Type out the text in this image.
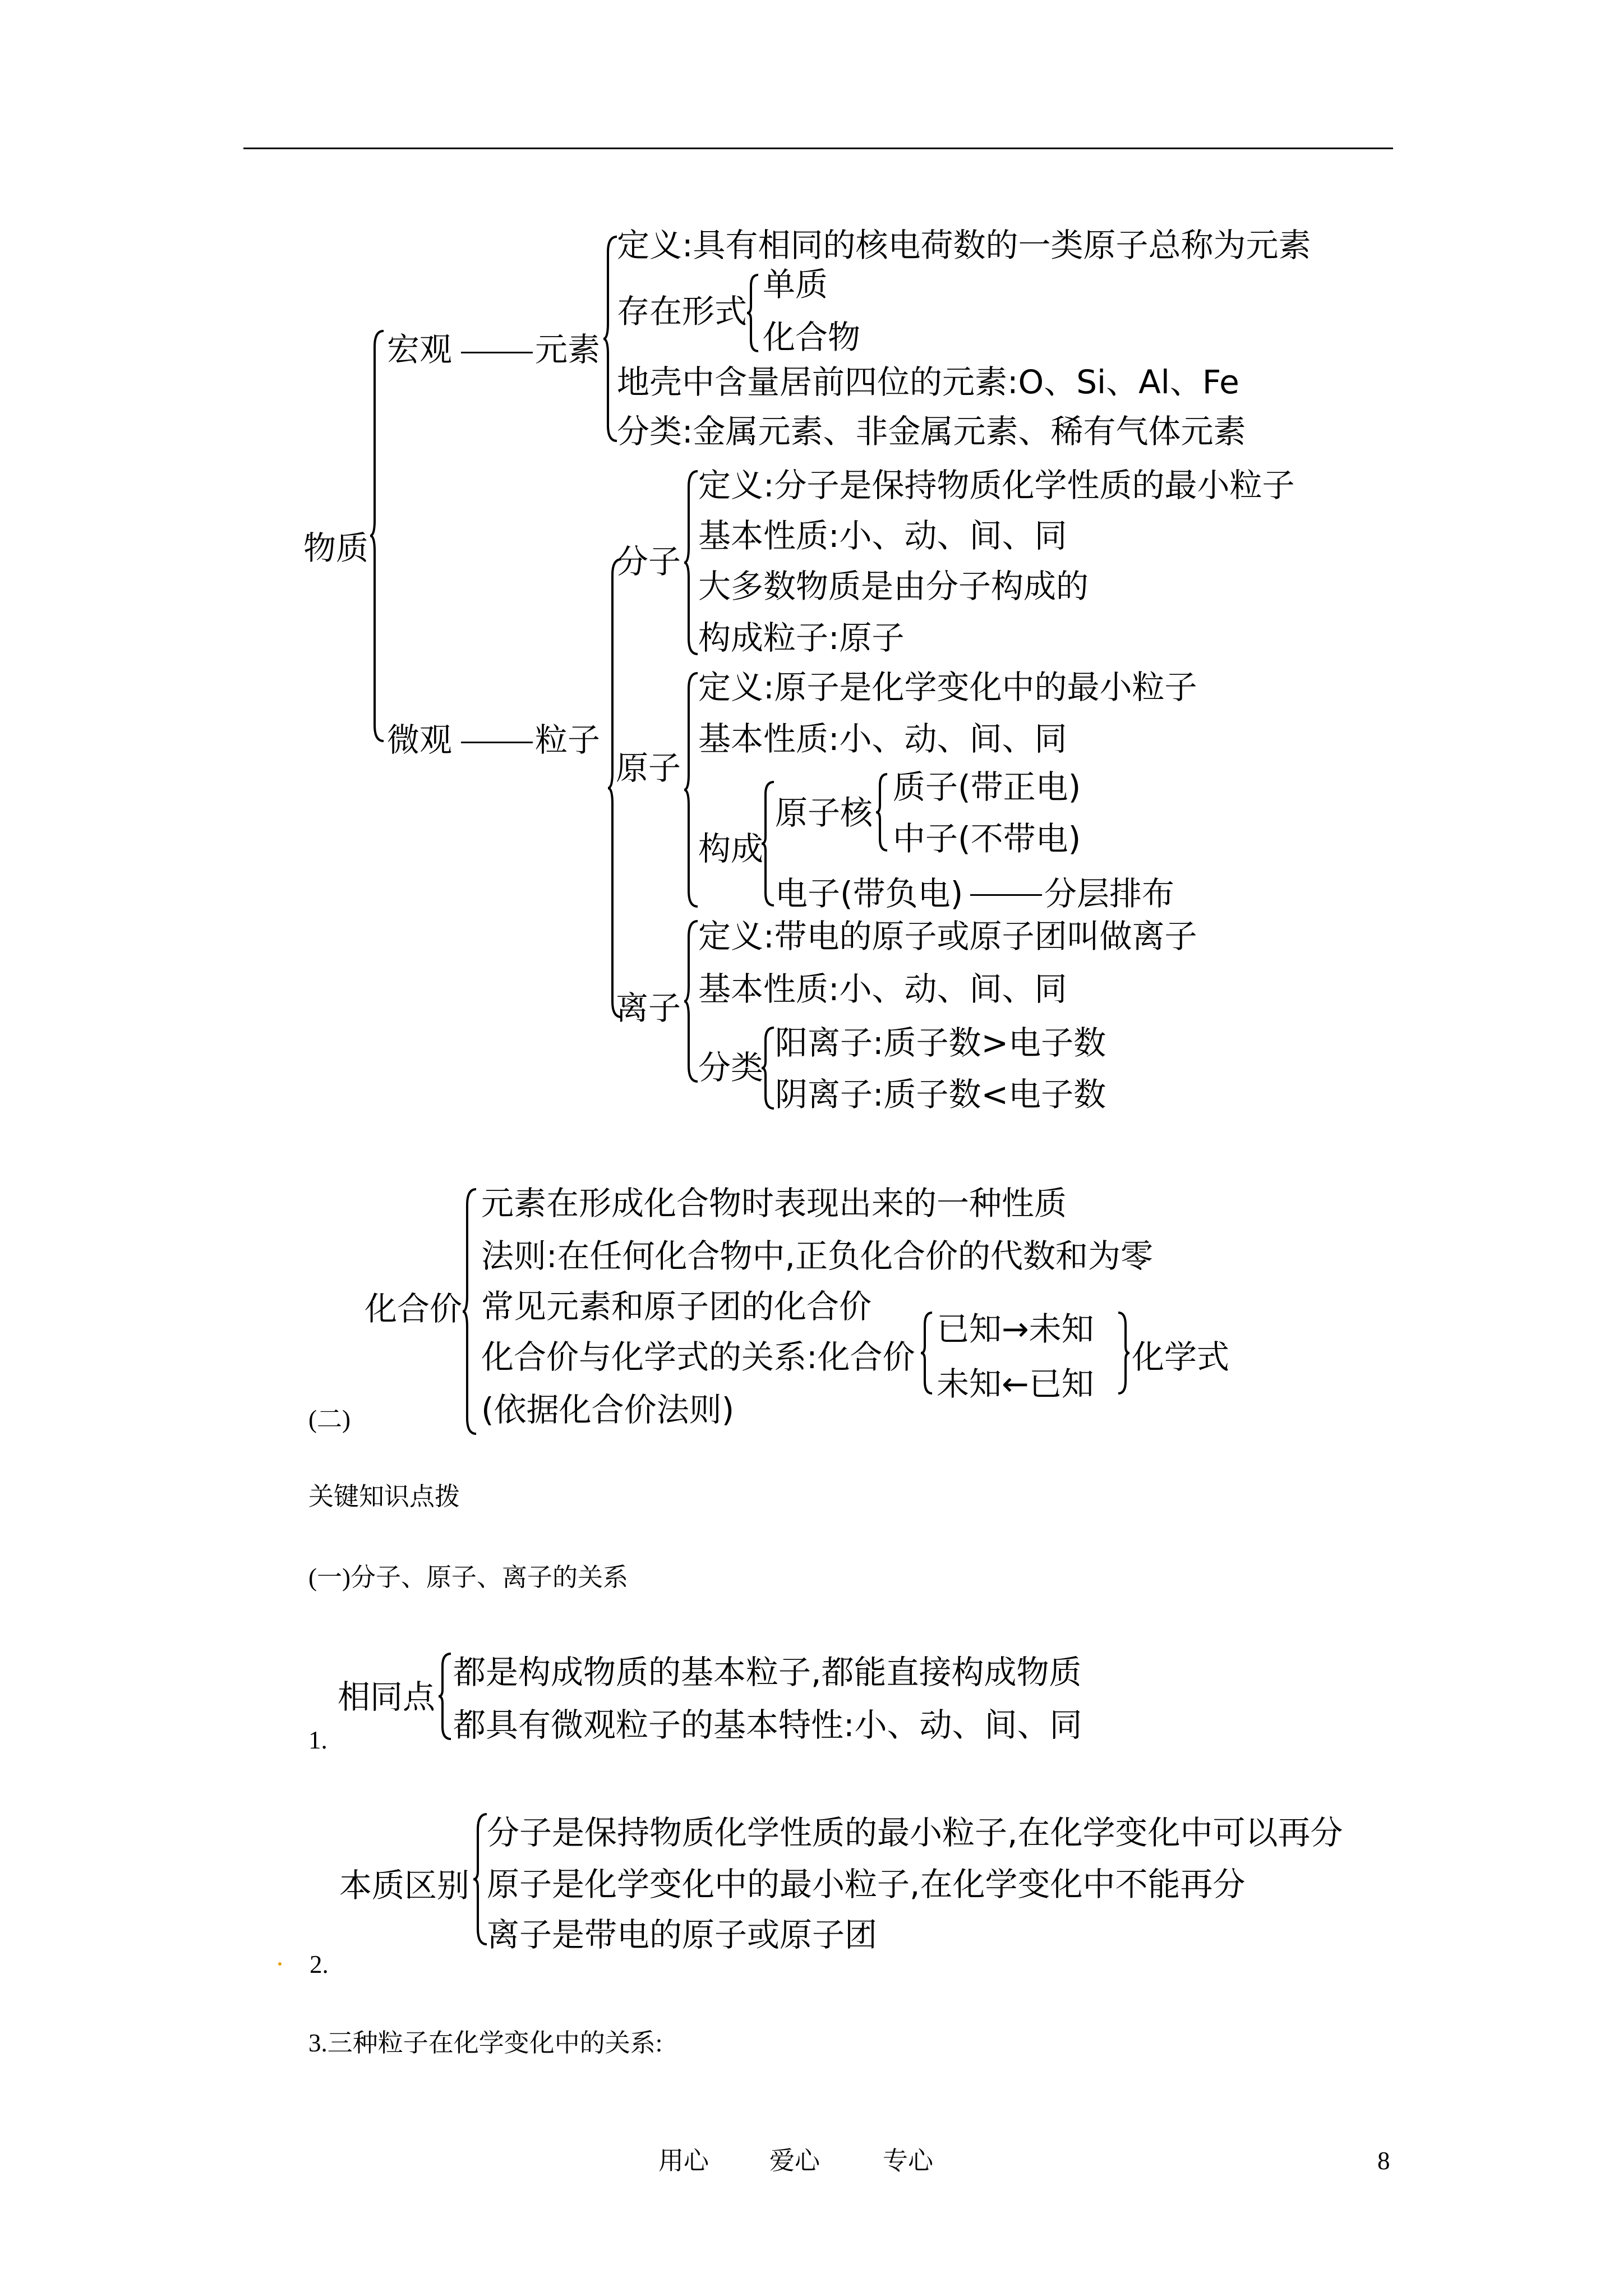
物质
宏观	元素
定义:具有相同的核电荷数的一类原子总称为元素
存在形式
单质
化合物
地壳中含量居前四位的元素:O、Si、Al、Fe
分类:金属元素、非金属元素、稀有气体元素
微观	粒子
分子
定义:分子是保持物质化学性质的最小粒子
基本性质:小、动、间、同
大多数物质是由分子构成的
构成粒子:原子
原子
定义:原子是化学变化中的最小粒子
基本性质:小、动、间、同
构成
原子核
质子(带正电)
中子(不带电)
电子(带负电) 分层排布
离子
定义:带电的原子或原子团叫做离子
基本性质:小、动、间、同
分类
阳离子:质子数>电子数
阴离子:质子数<电子数
化合价
元素在形成化合物时表现出来的一种性质
法则:在任何化合物中,正负化合价的代数和为零
常见元素和原子团的化合价
化合价与化学式的关系:化合价
已知→未知
未知←已知
化学式
(依据化合价法则)
(二)
关键知识点拨
(一)分子、原子、离子的关系
相同点
都是构成物质的基本粒子,都能直接构成物质
都具有微观粒子的基本特性:小、动、间、同
1.
本质区别
分子是保持物质化学性质的最小粒子,在化学变化中可以再分
原子是化学变化中的最小粒子,在化学变化中不能再分
离子是带电的原子或原子团
2.
3.三种粒子在化学变化中的关系:
用心 爱心 专心	8
